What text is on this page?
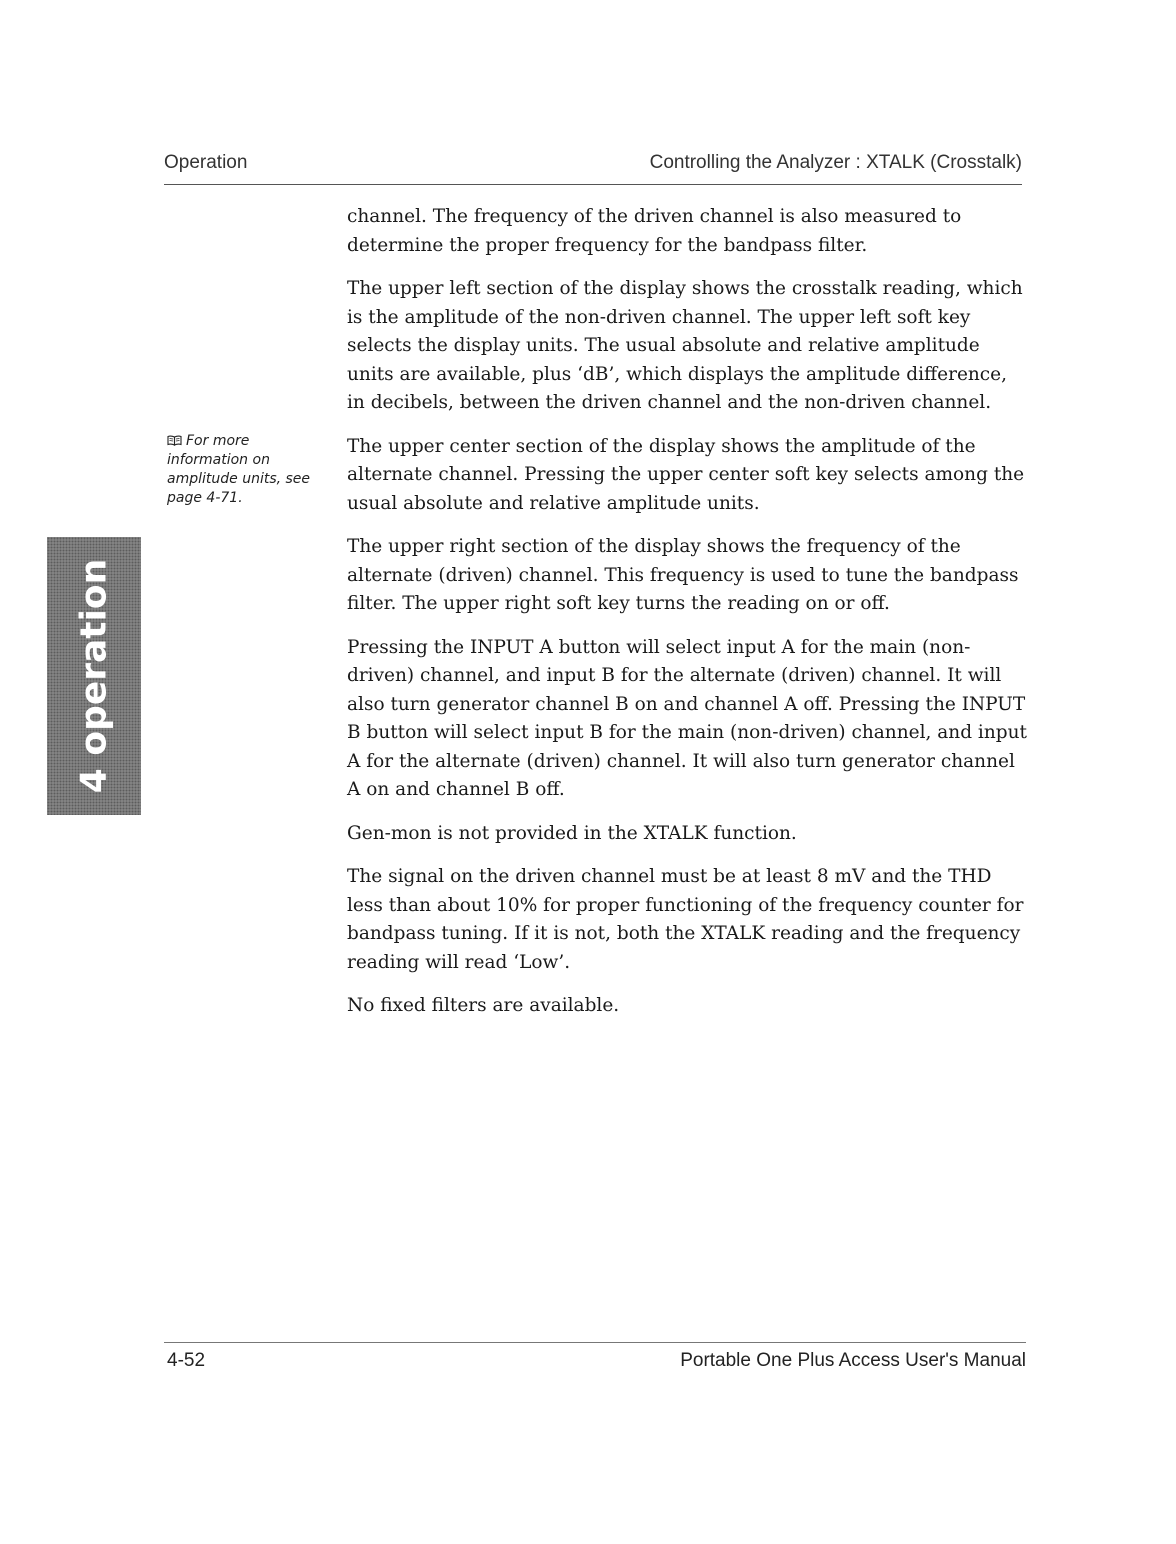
Operation	Controlling the Analyzer : XTALK (Crosstalk)
4 operation
For more information on amplitude units, see page 4-71.

channel. The frequency of the driven channel is also measured to determine the proper frequency for the bandpass filter.

The upper left section of the display shows the crosstalk reading, which is the amplitude of the non-driven channel. The upper left soft key selects the display units. The usual absolute and relative amplitude units are available, plus ‘dB’, which displays the amplitude difference, in decibels, between the driven channel and the non-driven channel.

The upper center section of the display shows the amplitude of the alternate channel. Pressing the upper center soft key selects among the usual absolute and relative amplitude units.

The upper right section of the display shows the frequency of the alternate (driven) channel. This frequency is used to tune the bandpass filter. The upper right soft key turns the reading on or off.

Pressing the INPUT A button will select input A for the main (non-driven) channel, and input B for the alternate (driven) channel. It will also turn generator channel B on and channel A off. Pressing the INPUT B button will select input B for the main (non-driven) channel, and input A for the alternate (driven) channel. It will also turn generator channel A on and channel B off.

Gen-mon is not provided in the XTALK function.

The signal on the driven channel must be at least 8 mV and the THD less than about 10% for proper functioning of the frequency counter for bandpass tuning. If it is not, both the XTALK reading and the frequency reading will read ‘Low’.

No fixed filters are available.

4-52	Portable One Plus Access User's Manual
